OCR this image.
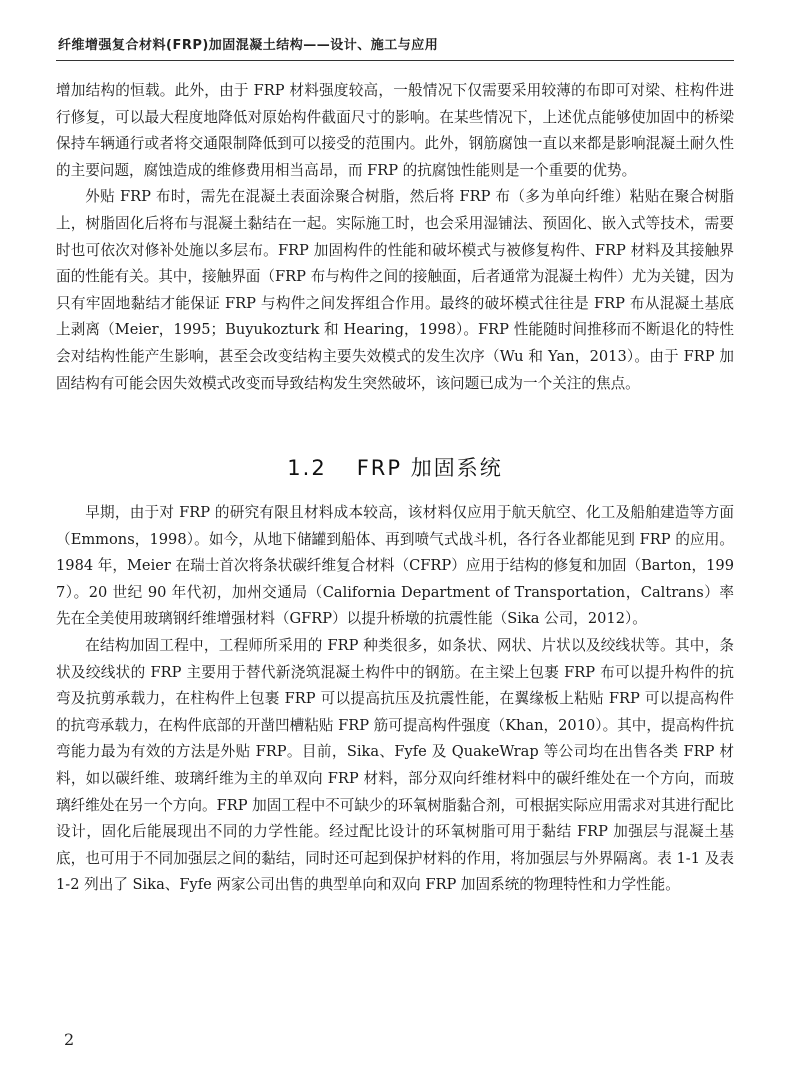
纤维增强复合材料(FRP)加固混凝土结构——设计、施工与应用

增加结构的恒载。此外，由于 FRP 材料强度较高，一般情况下仅需要采用较薄的布即可对梁、柱构件进行修复，可以最大程度地降低对原始构件截面尺寸的影响。在某些情况下，上述优点能够使加固中的桥梁保持车辆通行或者将交通限制降低到可以接受的范围内。此外，钢筋腐蚀一直以来都是影响混凝土耐久性的主要问题，腐蚀造成的维修费用相当高昂，而 FRP 的抗腐蚀性能则是一个重要的优势。

外贴 FRP 布时，需先在混凝土表面涂聚合树脂，然后将 FRP 布（多为单向纤维）粘贴在聚合树脂上，树脂固化后将布与混凝土黏结在一起。实际施工时，也会采用湿铺法、预固化、嵌入式等技术，需要时也可依次对修补处施以多层布。FRP 加固构件的性能和破坏模式与被修复构件、FRP 材料及其接触界面的性能有关。其中，接触界面（FRP 布与构件之间的接触面，后者通常为混凝土构件）尤为关键，因为只有牢固地黏结才能保证 FRP 与构件之间发挥组合作用。最终的破坏模式往往是 FRP 布从混凝土基底上剥离（Meier，1995；Buyukozturk 和 Hearing，1998）。FRP 性能随时间推移而不断退化的特性会对结构性能产生影响，甚至会改变结构主要失效模式的发生次序（Wu 和 Yan，2013）。由于 FRP 加固结构有可能会因失效模式改变而导致结构发生突然破坏，该问题已成为一个关注的焦点。

1.2 FRP 加固系统

早期，由于对 FRP 的研究有限且材料成本较高，该材料仅应用于航天航空、化工及船舶建造等方面（Emmons，1998）。如今，从地下储罐到船体、再到喷气式战斗机，各行各业都能见到 FRP 的应用。1984 年，Meier 在瑞士首次将条状碳纤维复合材料（CFRP）应用于结构的修复和加固（Barton，1997）。20 世纪 90 年代初，加州交通局（California Department of Transportation，Caltrans）率先在全美使用玻璃钢纤维增强材料（GFRP）以提升桥墩的抗震性能（Sika 公司，2012）。

在结构加固工程中，工程师所采用的 FRP 种类很多，如条状、网状、片状以及绞线状等。其中，条状及绞线状的 FRP 主要用于替代新浇筑混凝土构件中的钢筋。在主梁上包裹 FRP 布可以提升构件的抗弯及抗剪承载力，在柱构件上包裹 FRP 可以提高抗压及抗震性能，在翼缘板上粘贴 FRP 可以提高构件的抗弯承载力，在构件底部的开凿凹槽粘贴 FRP 筋可提高构件强度（Khan，2010）。其中，提高构件抗弯能力最为有效的方法是外贴 FRP。目前，Sika、Fyfe 及 QuakeWrap 等公司均在出售各类 FRP 材料，如以碳纤维、玻璃纤维为主的单双向 FRP 材料，部分双向纤维材料中的碳纤维处在一个方向，而玻璃纤维处在另一个方向。FRP 加固工程中不可缺少的环氧树脂黏合剂，可根据实际应用需求对其进行配比设计，固化后能展现出不同的力学性能。经过配比设计的环氧树脂可用于黏结 FRP 加强层与混凝土基底，也可用于不同加强层之间的黏结，同时还可起到保护材料的作用，将加强层与外界隔离。表 1-1 及表 1-2 列出了 Sika、Fyfe 两家公司出售的典型单向和双向 FRP 加固系统的物理特性和力学性能。

2
